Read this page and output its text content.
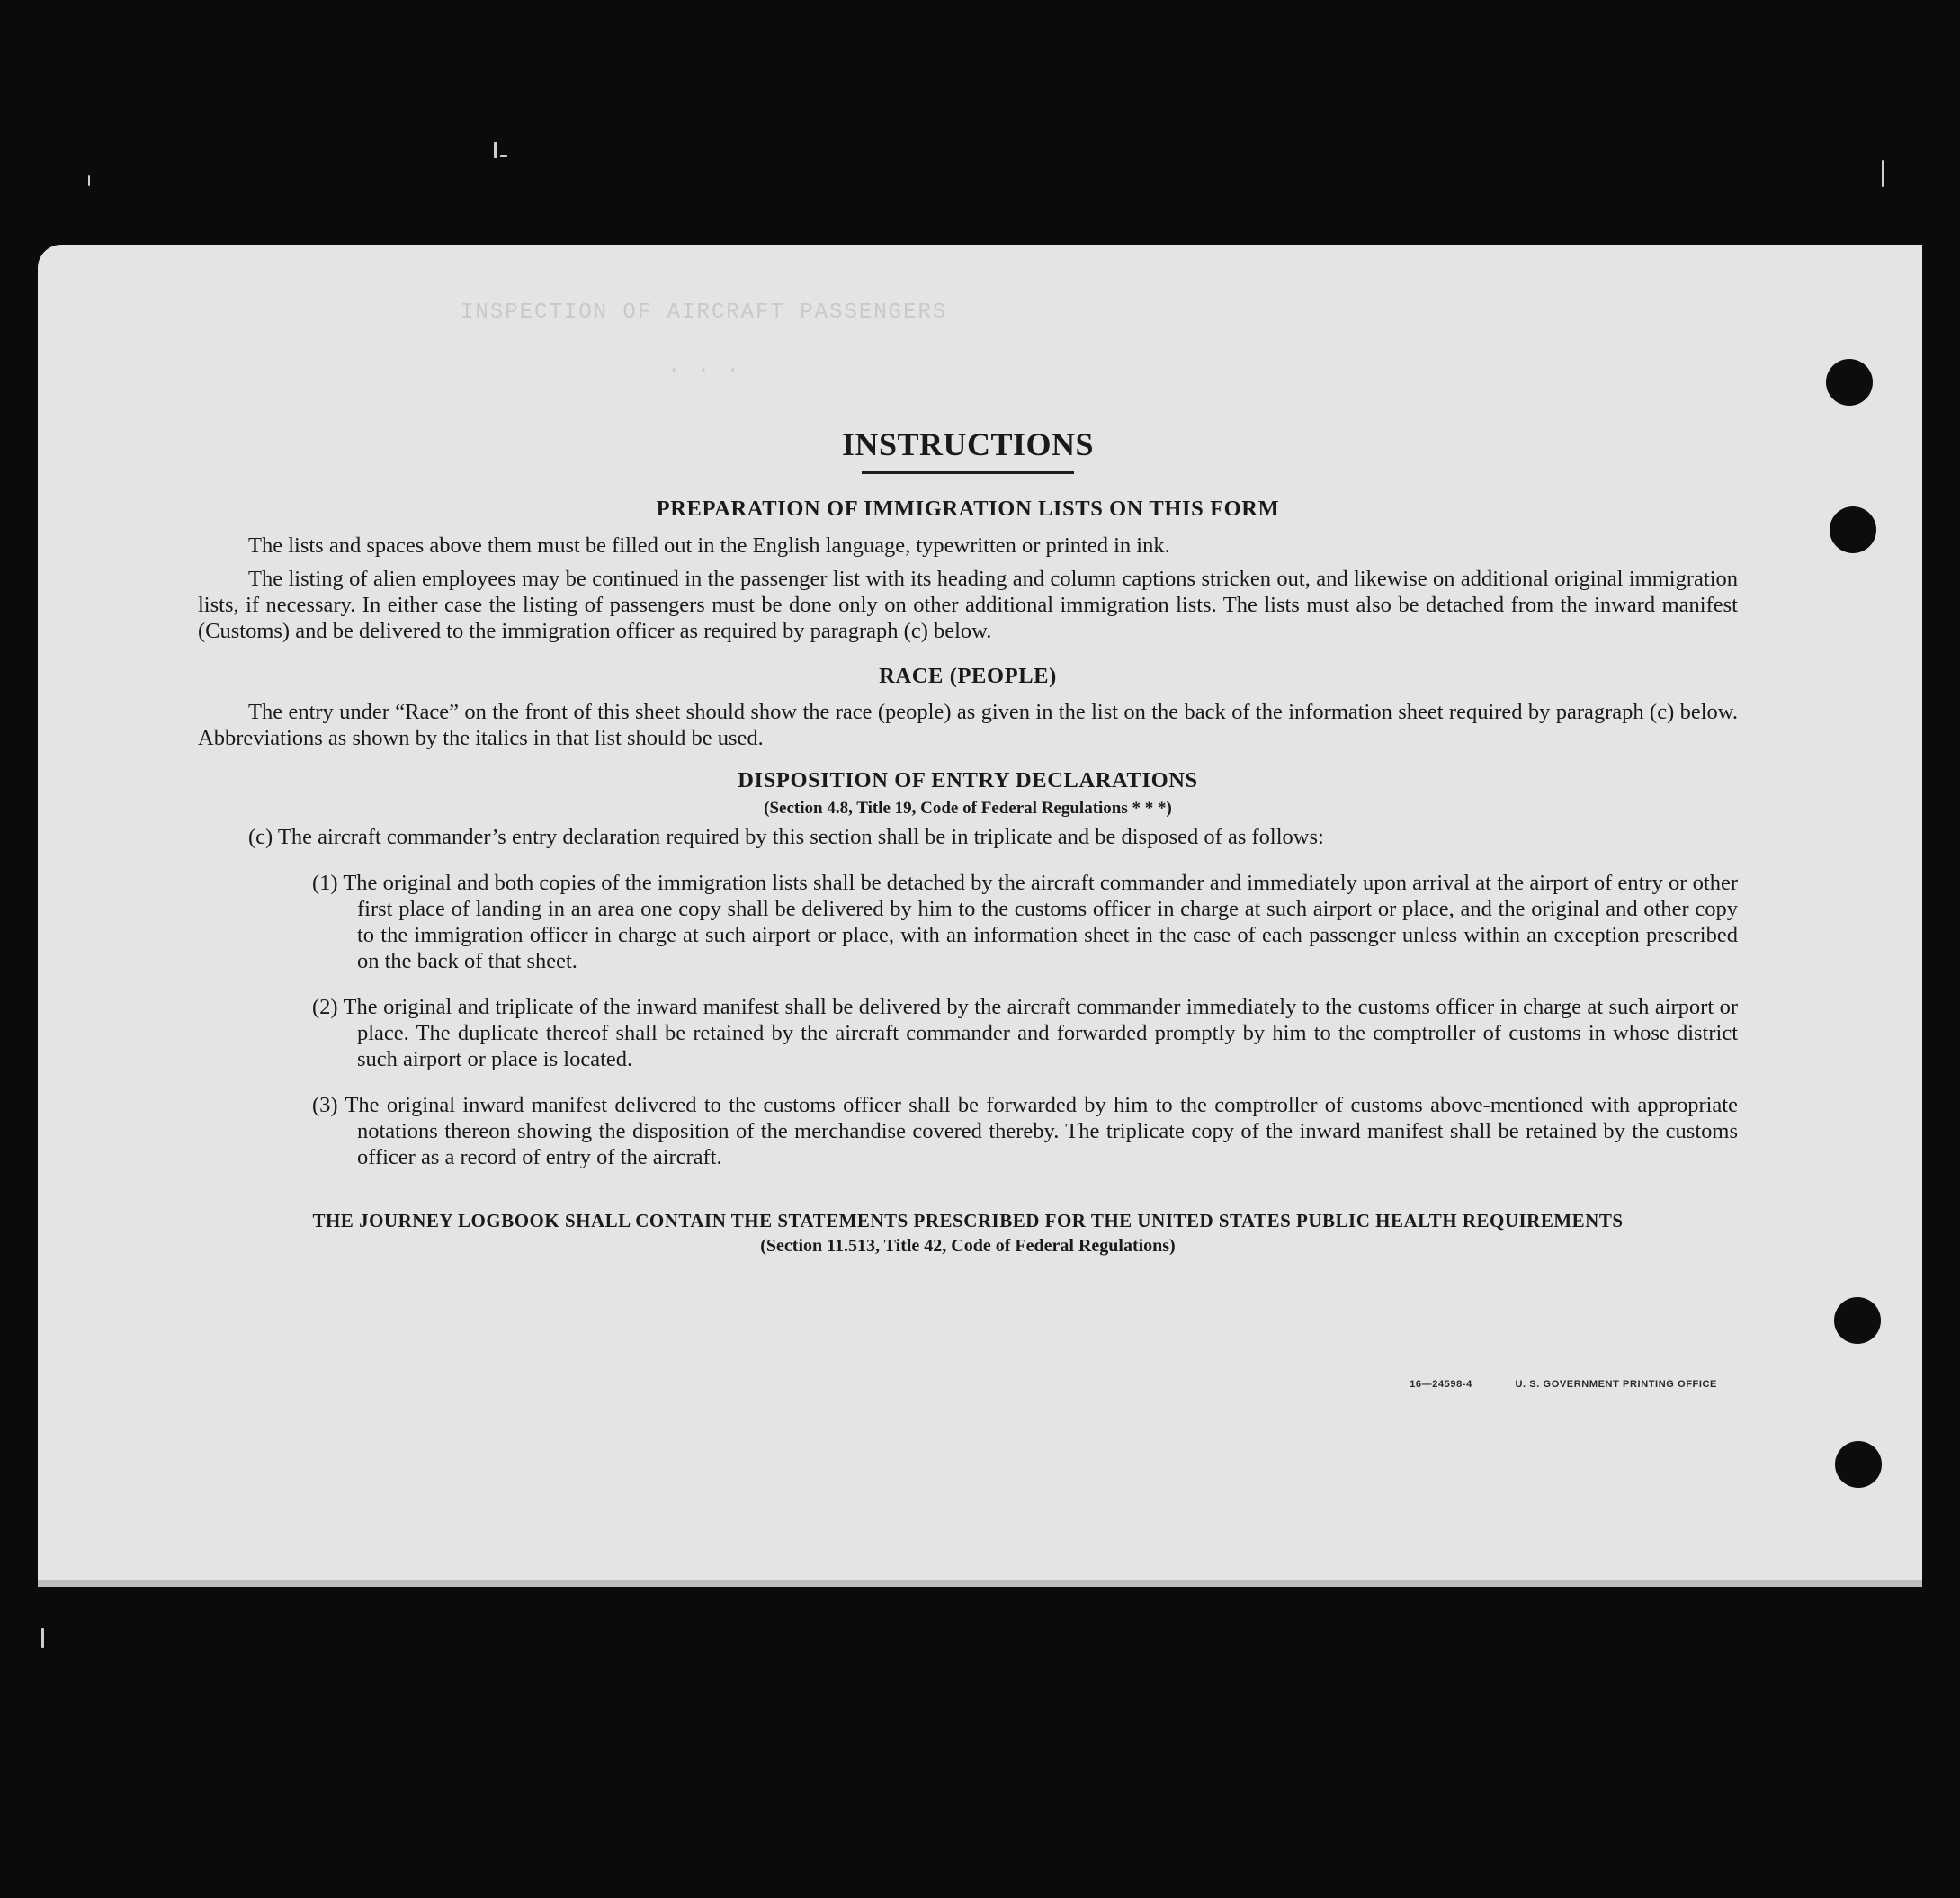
INSPECTION OF AIRCRAFT PASSENGERS
. . .
INSTRUCTIONS
PREPARATION OF IMMIGRATION LISTS ON THIS FORM

The lists and spaces above them must be filled out in the English language, typewritten or printed in ink.

The listing of alien employees may be continued in the passenger list with its heading and column captions stricken out, and likewise on additional original immigration lists, if necessary. In either case the listing of passengers must be done only on other additional immigration lists. The lists must also be detached from the inward manifest (Customs) and be delivered to the immigration officer as required by paragraph (c) below.

RACE (PEOPLE)

The entry under “Race” on the front of this sheet should show the race (people) as given in the list on the back of the information sheet required by paragraph (c) below. Abbreviations as shown by the italics in that list should be used.

DISPOSITION OF ENTRY DECLARATIONS
(Section 4.8, Title 19, Code of Federal Regulations * * *)
(c) The aircraft commander’s entry declaration required by this section shall be in triplicate and be disposed of as follows:
(1) The original and both copies of the immigration lists shall be detached by the aircraft commander and immediately upon arrival at the airport of entry or other first place of landing in an area one copy shall be delivered by him to the customs officer in charge at such airport or place, and the original and other copy to the immigration officer in charge at such airport or place, with an information sheet in the case of each passenger unless within an exception prescribed on the back of that sheet.
(2) The original and triplicate of the inward manifest shall be delivered by the aircraft commander immediately to the customs officer in charge at such airport or place. The duplicate thereof shall be retained by the aircraft commander and forwarded promptly by him to the comptroller of customs in whose district such airport or place is located.
(3) The original inward manifest delivered to the customs officer shall be forwarded by him to the comptroller of customs above-mentioned with appropriate notations thereon showing the disposition of the merchandise covered thereby. The triplicate copy of the inward manifest shall be retained by the customs officer as a record of entry of the aircraft.
THE JOURNEY LOGBOOK SHALL CONTAIN THE STATEMENTS PRESCRIBED FOR THE UNITED STATES PUBLIC HEALTH REQUIREMENTS
(Section 11.513, Title 42, Code of Federal Regulations)
16—24598-4	U. S. GOVERNMENT PRINTING OFFICE
